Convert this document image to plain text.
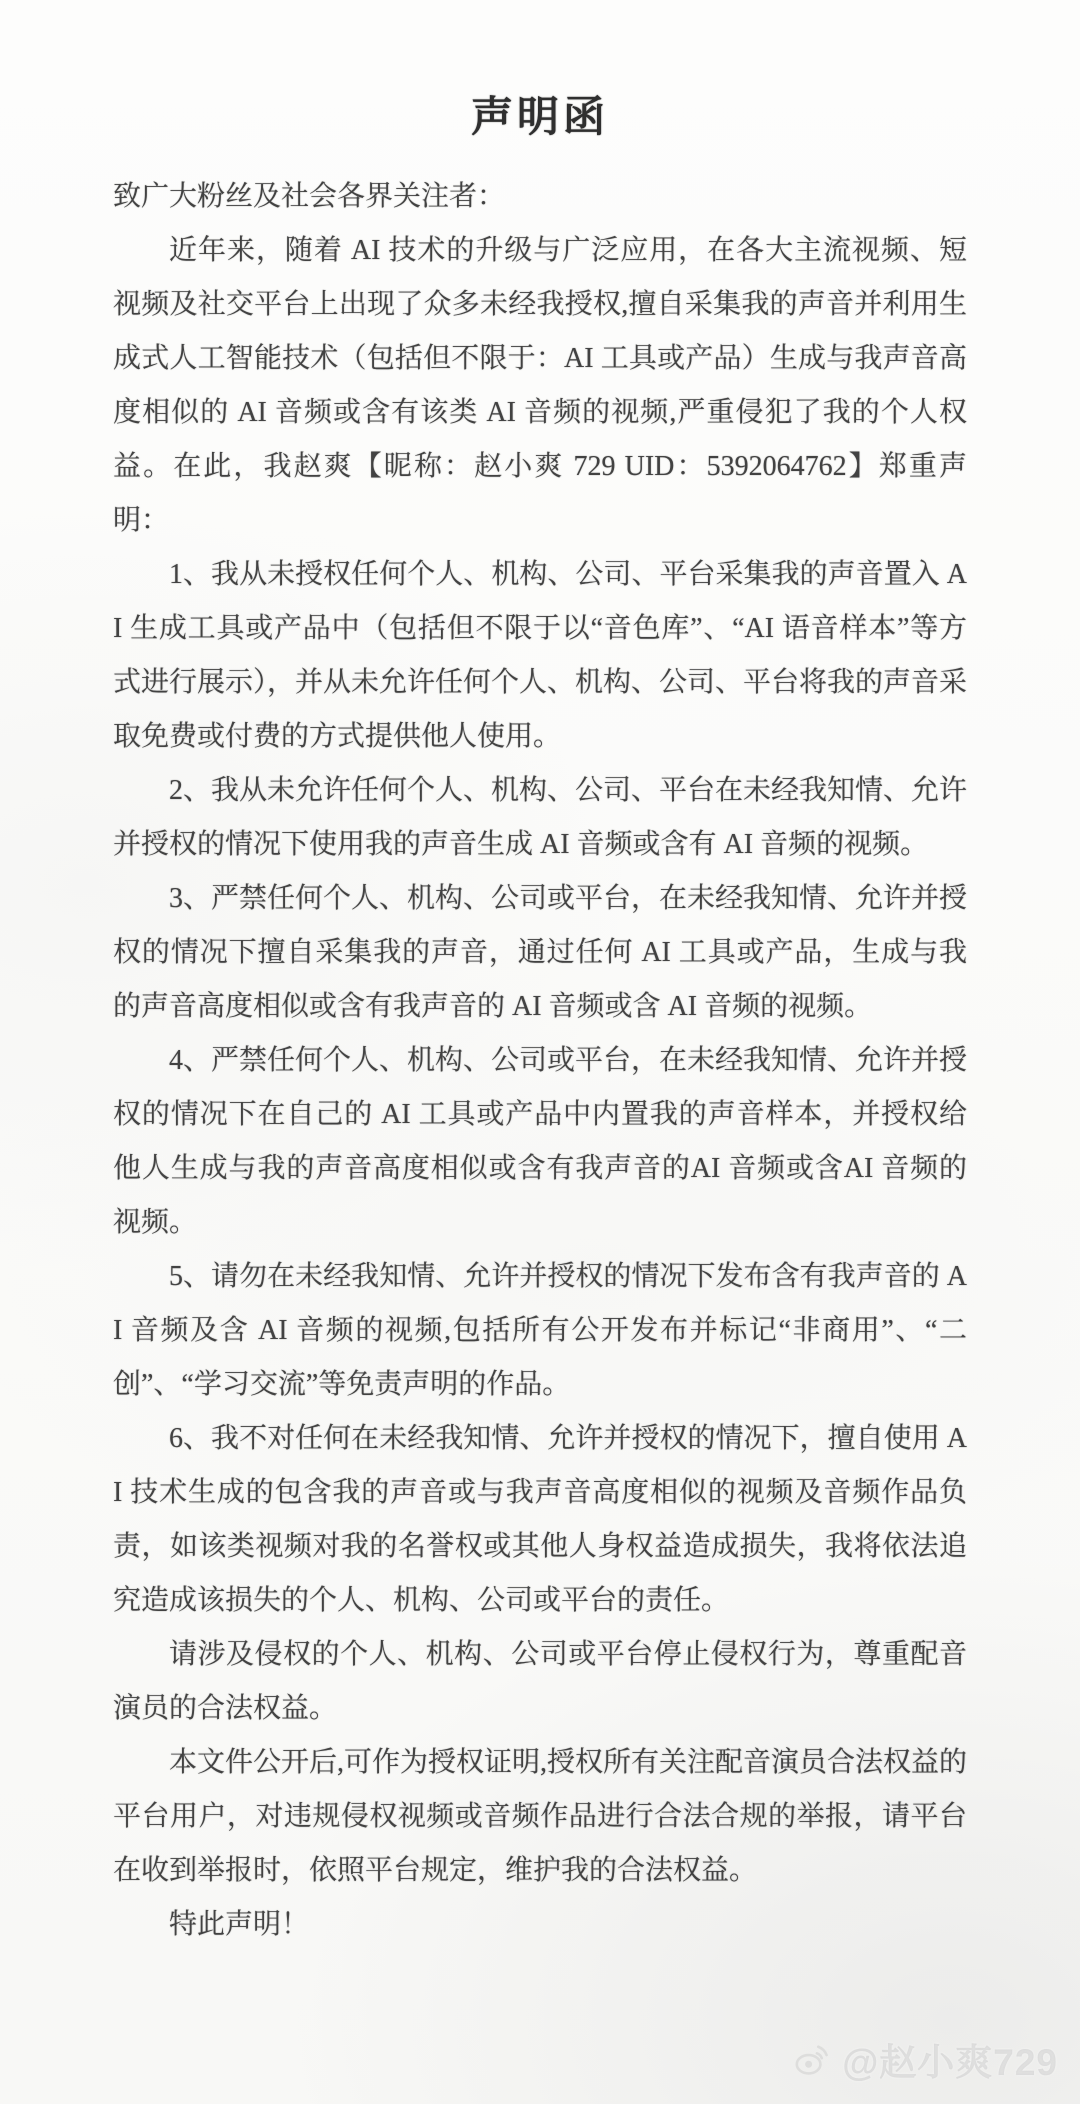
声明函
致广大粉丝及社会各界关注者：

近年来，随着 AI 技术的升级与广泛应用，在各大主流视频、短视频及社交平台上出现了众多未经我授权,擅自采集我的声音并利用生成式人工智能技术（包括但不限于：AI 工具或产品）生成与我声音高度相似的 AI 音频或含有该类 AI 音频的视频,严重侵犯了我的个人权益。在此，我赵爽【昵称：赵小爽 729 UID：5392064762】郑重声明：

1、我从未授权任何个人、机构、公司、平台采集我的声音置入 AI 生成工具或产品中（包括但不限于以“音色库”、“AI 语音样本”等方式进行展示），并从未允许任何个人、机构、公司、平台将我的声音采取免费或付费的方式提供他人使用。

2、我从未允许任何个人、机构、公司、平台在未经我知情、允许并授权的情况下使用我的声音生成 AI 音频或含有 AI 音频的视频。

3、严禁任何个人、机构、公司或平台，在未经我知情、允许并授权的情况下擅自采集我的声音，通过任何 AI 工具或产品，生成与我的声音高度相似或含有我声音的 AI 音频或含 AI 音频的视频。

4、严禁任何个人、机构、公司或平台，在未经我知情、允许并授权的情况下在自己的 AI 工具或产品中内置我的声音样本，并授权给他人生成与我的声音高度相似或含有我声音的AI 音频或含AI 音频的视频。

5、请勿在未经我知情、允许并授权的情况下发布含有我声音的 AI 音频及含 AI 音频的视频,包括所有公开发布并标记“非商用”、“二创”、“学习交流”等免责声明的作品。

6、我不对任何在未经我知情、允许并授权的情况下，擅自使用 AI 技术生成的包含我的声音或与我声音高度相似的视频及音频作品负责，如该类视频对我的名誉权或其他人身权益造成损失，我将依法追究造成该损失的个人、机构、公司或平台的责任。

请涉及侵权的个人、机构、公司或平台停止侵权行为，尊重配音演员的合法权益。

本文件公开后,可作为授权证明,授权所有关注配音演员合法权益的平台用户，对违规侵权视频或音频作品进行合法合规的举报，请平台在收到举报时，依照平台规定，维护我的合法权益。

特此声明！

@赵小爽729
